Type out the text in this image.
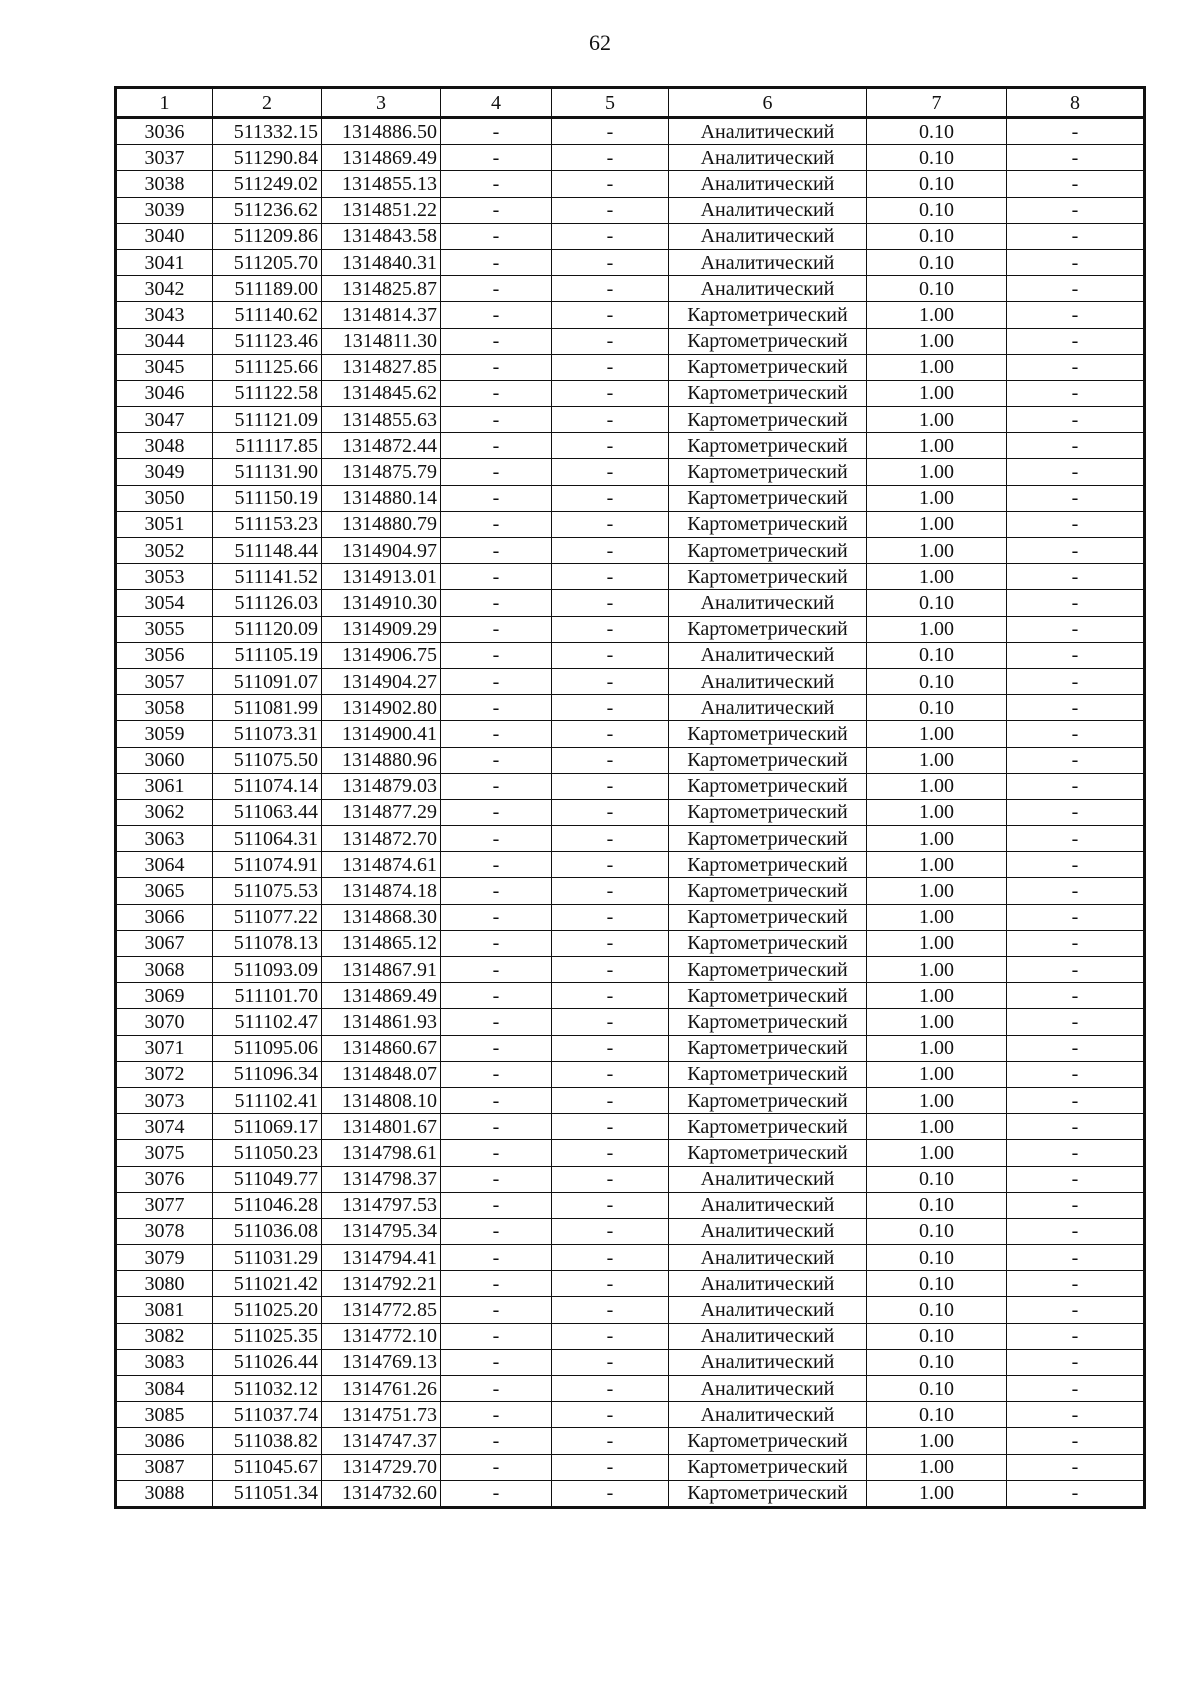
62
1	2	3	4	5	6	7	8
3036	511332.15	1314886.50	-	-	Аналитический	0.10	-
3037	511290.84	1314869.49	-	-	Аналитический	0.10	-
3038	511249.02	1314855.13	-	-	Аналитический	0.10	-
3039	511236.62	1314851.22	-	-	Аналитический	0.10	-
3040	511209.86	1314843.58	-	-	Аналитический	0.10	-
3041	511205.70	1314840.31	-	-	Аналитический	0.10	-
3042	511189.00	1314825.87	-	-	Аналитический	0.10	-
3043	511140.62	1314814.37	-	-	Картометрический	1.00	-
3044	511123.46	1314811.30	-	-	Картометрический	1.00	-
3045	511125.66	1314827.85	-	-	Картометрический	1.00	-
3046	511122.58	1314845.62	-	-	Картометрический	1.00	-
3047	511121.09	1314855.63	-	-	Картометрический	1.00	-
3048	511117.85	1314872.44	-	-	Картометрический	1.00	-
3049	511131.90	1314875.79	-	-	Картометрический	1.00	-
3050	511150.19	1314880.14	-	-	Картометрический	1.00	-
3051	511153.23	1314880.79	-	-	Картометрический	1.00	-
3052	511148.44	1314904.97	-	-	Картометрический	1.00	-
3053	511141.52	1314913.01	-	-	Картометрический	1.00	-
3054	511126.03	1314910.30	-	-	Аналитический	0.10	-
3055	511120.09	1314909.29	-	-	Картометрический	1.00	-
3056	511105.19	1314906.75	-	-	Аналитический	0.10	-
3057	511091.07	1314904.27	-	-	Аналитический	0.10	-
3058	511081.99	1314902.80	-	-	Аналитический	0.10	-
3059	511073.31	1314900.41	-	-	Картометрический	1.00	-
3060	511075.50	1314880.96	-	-	Картометрический	1.00	-
3061	511074.14	1314879.03	-	-	Картометрический	1.00	-
3062	511063.44	1314877.29	-	-	Картометрический	1.00	-
3063	511064.31	1314872.70	-	-	Картометрический	1.00	-
3064	511074.91	1314874.61	-	-	Картометрический	1.00	-
3065	511075.53	1314874.18	-	-	Картометрический	1.00	-
3066	511077.22	1314868.30	-	-	Картометрический	1.00	-
3067	511078.13	1314865.12	-	-	Картометрический	1.00	-
3068	511093.09	1314867.91	-	-	Картометрический	1.00	-
3069	511101.70	1314869.49	-	-	Картометрический	1.00	-
3070	511102.47	1314861.93	-	-	Картометрический	1.00	-
3071	511095.06	1314860.67	-	-	Картометрический	1.00	-
3072	511096.34	1314848.07	-	-	Картометрический	1.00	-
3073	511102.41	1314808.10	-	-	Картометрический	1.00	-
3074	511069.17	1314801.67	-	-	Картометрический	1.00	-
3075	511050.23	1314798.61	-	-	Картометрический	1.00	-
3076	511049.77	1314798.37	-	-	Аналитический	0.10	-
3077	511046.28	1314797.53	-	-	Аналитический	0.10	-
3078	511036.08	1314795.34	-	-	Аналитический	0.10	-
3079	511031.29	1314794.41	-	-	Аналитический	0.10	-
3080	511021.42	1314792.21	-	-	Аналитический	0.10	-
3081	511025.20	1314772.85	-	-	Аналитический	0.10	-
3082	511025.35	1314772.10	-	-	Аналитический	0.10	-
3083	511026.44	1314769.13	-	-	Аналитический	0.10	-
3084	511032.12	1314761.26	-	-	Аналитический	0.10	-
3085	511037.74	1314751.73	-	-	Аналитический	0.10	-
3086	511038.82	1314747.37	-	-	Картометрический	1.00	-
3087	511045.67	1314729.70	-	-	Картометрический	1.00	-
3088	511051.34	1314732.60	-	-	Картометрический	1.00	-
